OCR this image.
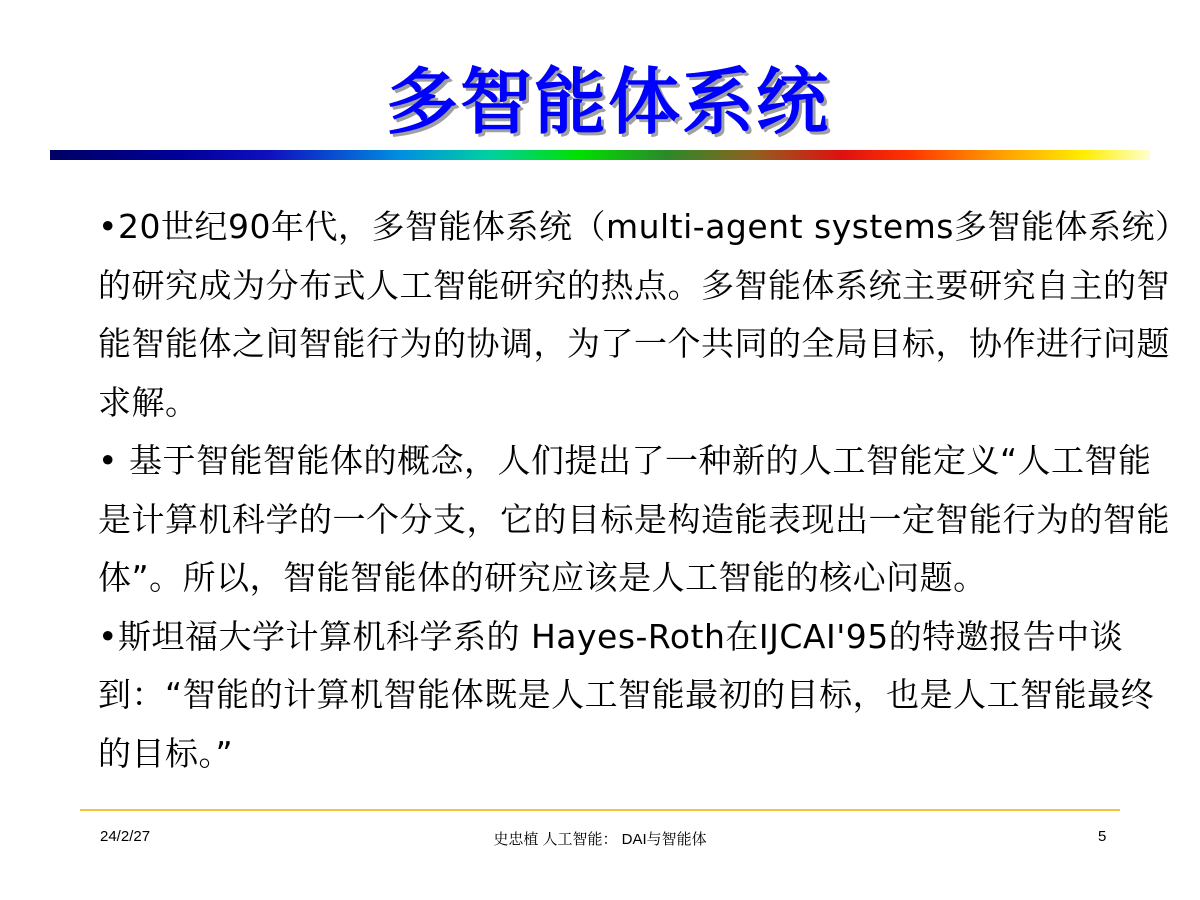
多智能体系统

•20世纪90年代，多智能体系统（multi-agent systems多智能体系统）的研究成为分布式人工智能研究的热点。多智能体系统主要研究自主的智能智能体之间智能行为的协调，为了一个共同的全局目标，协作进行问题求解。

• 基于智能智能体的概念，人们提出了一种新的人工智能定义“人工智能是计算机科学的一个分支，它的目标是构造能表现出一定智能行为的智能体”。所以，智能智能体的研究应该是人工智能的核心问题。

•斯坦福大学计算机科学系的 Hayes-Roth在IJCAI'95的特邀报告中谈到：“智能的计算机智能体既是人工智能最初的目标，也是人工智能最终的目标。”

24/2/27	史忠植 人工智能： DAI与智能体	5
